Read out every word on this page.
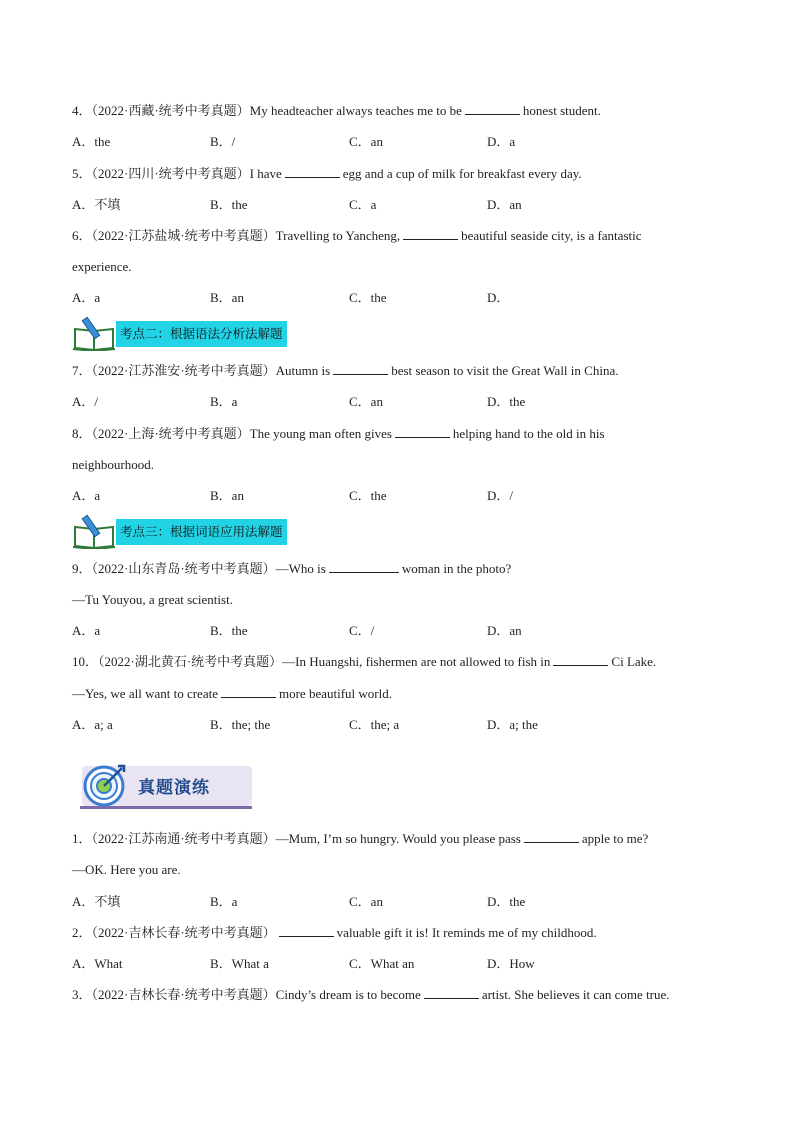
4．（2022·西藏·统考中考真题）My headteacher always teaches me to be	honest student.
A．the	B．/	C．an	D．a
5．（2022·四川·统考中考真题）I have	egg and a cup of milk for breakfast every day.
A．不填	B．the	C．a	D．an
6．（2022·江苏盐城·统考中考真题）Travelling to Yancheng,	beautiful seaside city, is a fantastic
experience.
A．a	B．an	C．the	D．
考点二：根据语法分析法解题
7．（2022·江苏淮安·统考中考真题）Autumn is	best season to visit the Great Wall in China.
A．/	B．a	C．an	D．the
8．（2022·上海·统考中考真题）The young man often gives	helping hand to the old in his
neighbourhood.
A．a	B．an	C．the	D．/
考点三：根据词语应用法解题
9．（2022·山东青岛·统考中考真题）—Who is	woman in the photo?
—Tu Youyou, a great scientist.
A．a	B．the	C．/	D．an
10．（2022·湖北黄石·统考中考真题）—In Huangshi, fishermen are not allowed to fish in	Ci Lake.
—Yes, we all want to create	more beautiful world.
A．a; a	B．the; the	C．the; a	D．a; the
真题演练
1．（2022·江苏南通·统考中考真题）—Mum, I’m so hungry. Would you please pass	apple to me?
—OK. Here you are.
A．不填	B．a	C．an	D．the
2．（2022·吉林长春·统考中考真题）	valuable gift it is! It reminds me of my childhood.
A．What	B．What a	C．What an	D．How
3．（2022·吉林长春·统考中考真题）Cindy’s dream is to become	artist. She believes it can come true.
